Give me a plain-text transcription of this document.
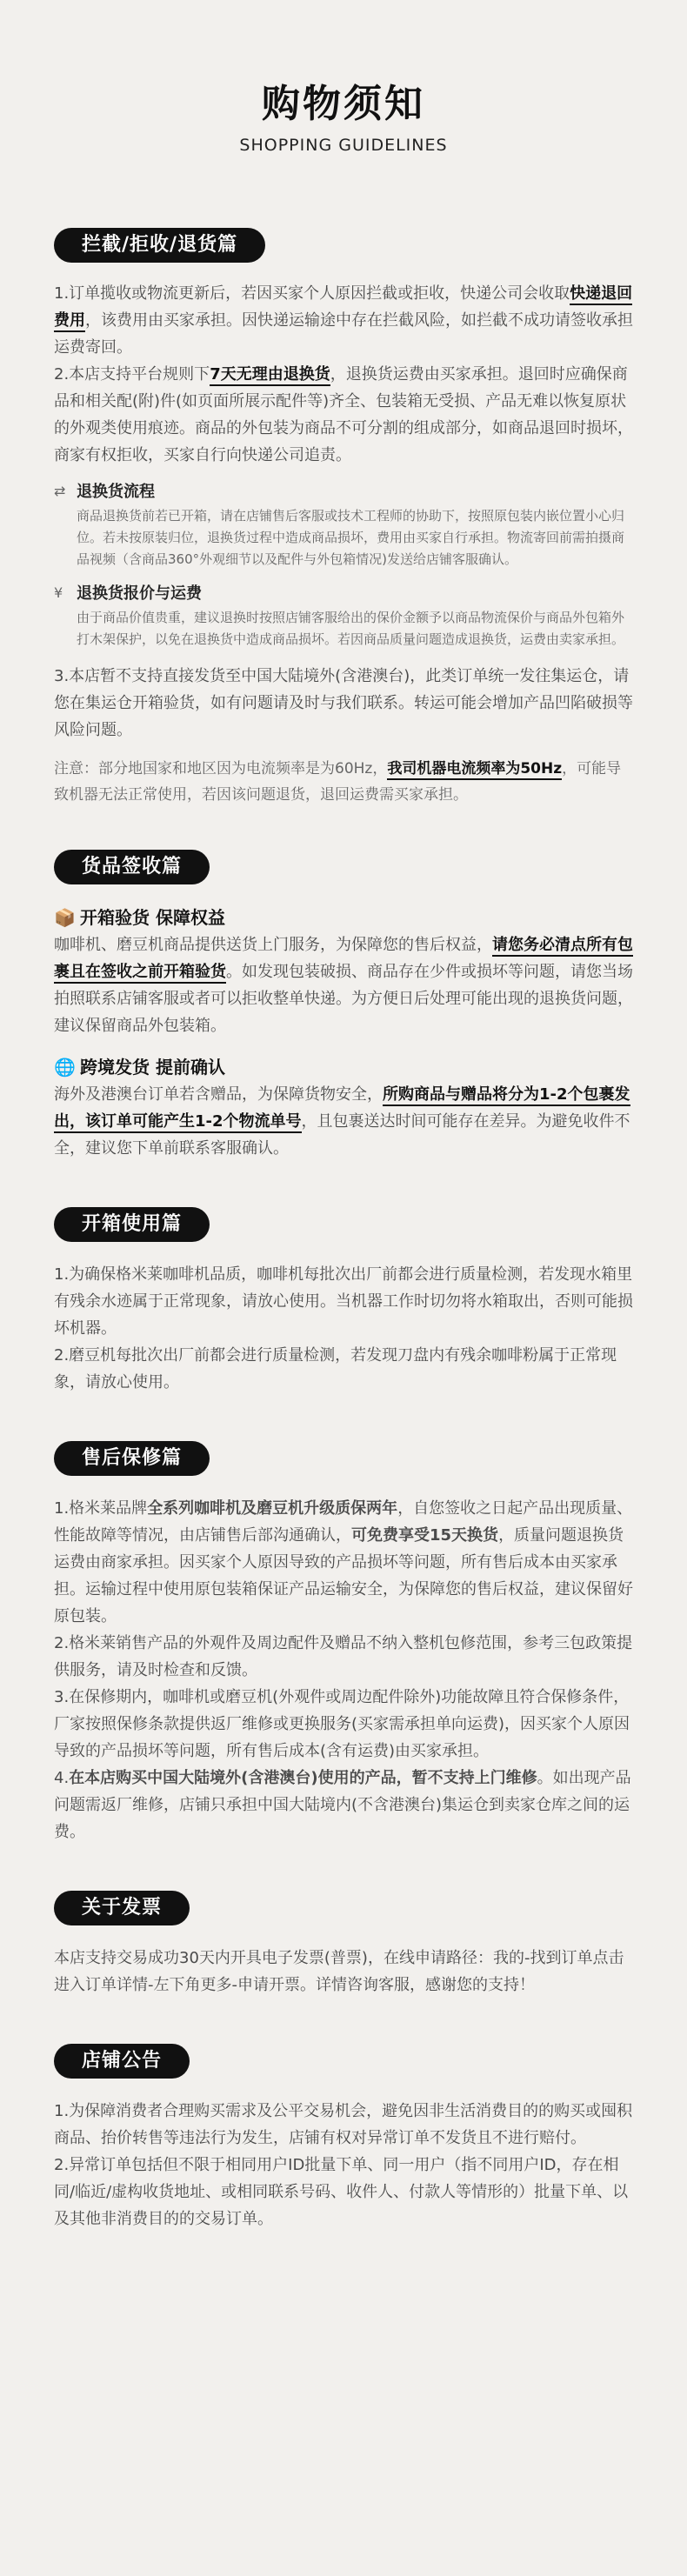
购物须知
SHOPPING GUIDELINES
拦截/拒收/退货篇

1.订单揽收或物流更新后，若因买家个人原因拦截或拒收，快递公司会收取快递退回费用，该费用由买家承担。因快递运输途中存在拦截风险，如拦截不成功请签收承担运费寄回。

2.本店支持平台规则下7天无理由退换货，退换货运费由买家承担。退回时应确保商品和相关配(附)件(如页面所展示配件等)齐全、包装箱无受损、产品无难以恢复原状的外观类使用痕迹。商品的外包装为商品不可分割的组成部分，如商品退回时损坏，商家有权拒收，买家自行向快递公司追责。

⇄ 退换货流程
商品退换货前若已开箱，请在店铺售后客服或技术工程师的协助下，按照原包装内嵌位置小心归位。若未按原装归位，退换货过程中造成商品损坏，费用由买家自行承担。物流寄回前需拍摄商品视频（含商品360°外观细节以及配件与外包箱情况)发送给店铺客服确认。
¥ 退换货报价与运费
由于商品价值贵重，建议退换时按照店铺客服给出的保价金额予以商品物流保价与商品外包箱外打木架保护，以免在退换货中造成商品损坏。若因商品质量问题造成退换货，运费由卖家承担。

3.本店暂不支持直接发货至中国大陆境外(含港澳台)，此类订单统一发往集运仓，请您在集运仓开箱验货，如有问题请及时与我们联系。转运可能会增加产品凹陷破损等风险问题。

注意：部分地国家和地区因为电流频率是为60Hz，我司机器电流频率为50Hz，可能导致机器无法正常使用，若因该问题退货，退回运费需买家承担。

货品签收篇
📦 开箱验货 保障权益

咖啡机、磨豆机商品提供送货上门服务，为保障您的售后权益，请您务必清点所有包裹且在签收之前开箱验货。如发现包装破损、商品存在少件或损坏等问题，请您当场拍照联系店铺客服或者可以拒收整单快递。为方便日后处理可能出现的退换货问题，建议保留商品外包装箱。

🌐 跨境发货 提前确认

海外及港澳台订单若含赠品，为保障货物安全，所购商品与赠品将分为1-2个包裹发出，该订单可能产生1-2个物流单号，且包裹送达时间可能存在差异。为避免收件不全，建议您下单前联系客服确认。

开箱使用篇

1.为确保格米莱咖啡机品质，咖啡机每批次出厂前都会进行质量检测，若发现水箱里有残余水迹属于正常现象，请放心使用。当机器工作时切勿将水箱取出，否则可能损坏机器。

2.磨豆机每批次出厂前都会进行质量检测，若发现刀盘内有残余咖啡粉属于正常现象，请放心使用。

售后保修篇

1.格米莱品牌全系列咖啡机及磨豆机升级质保两年，自您签收之日起产品出现质量、性能故障等情况，由店铺售后部沟通确认，可免费享受15天换货，质量问题退换货运费由商家承担。因买家个人原因导致的产品损坏等问题，所有售后成本由买家承担。运输过程中使用原包装箱保证产品运输安全，为保障您的售后权益，建议保留好原包装。

2.格米莱销售产品的外观件及周边配件及赠品不纳入整机包修范围，参考三包政策提供服务，请及时检查和反馈。

3.在保修期内，咖啡机或磨豆机(外观件或周边配件除外)功能故障且符合保修条件，厂家按照保修条款提供返厂维修或更换服务(买家需承担单向运费)，因买家个人原因导致的产品损坏等问题，所有售后成本(含有运费)由买家承担。

4.在本店购买中国大陆境外(含港澳台)使用的产品，暂不支持上门维修。如出现产品问题需返厂维修，店铺只承担中国大陆境内(不含港澳台)集运仓到卖家仓库之间的运费。

关于发票

本店支持交易成功30天内开具电子发票(普票)，在线申请路径：我的-找到订单点击进入订单详情-左下角更多-申请开票。详情咨询客服，感谢您的支持！

店铺公告

1.为保障消费者合理购买需求及公平交易机会，避免因非生活消费目的的购买或囤积商品、抬价转售等违法行为发生，店铺有权对异常订单不发货且不进行赔付。

2.异常订单包括但不限于相同用户ID批量下单、同一用户（指不同用户ID，存在相同/临近/虚构收货地址、或相同联系号码、收件人、付款人等情形的）批量下单、以及其他非消费目的的交易订单。
